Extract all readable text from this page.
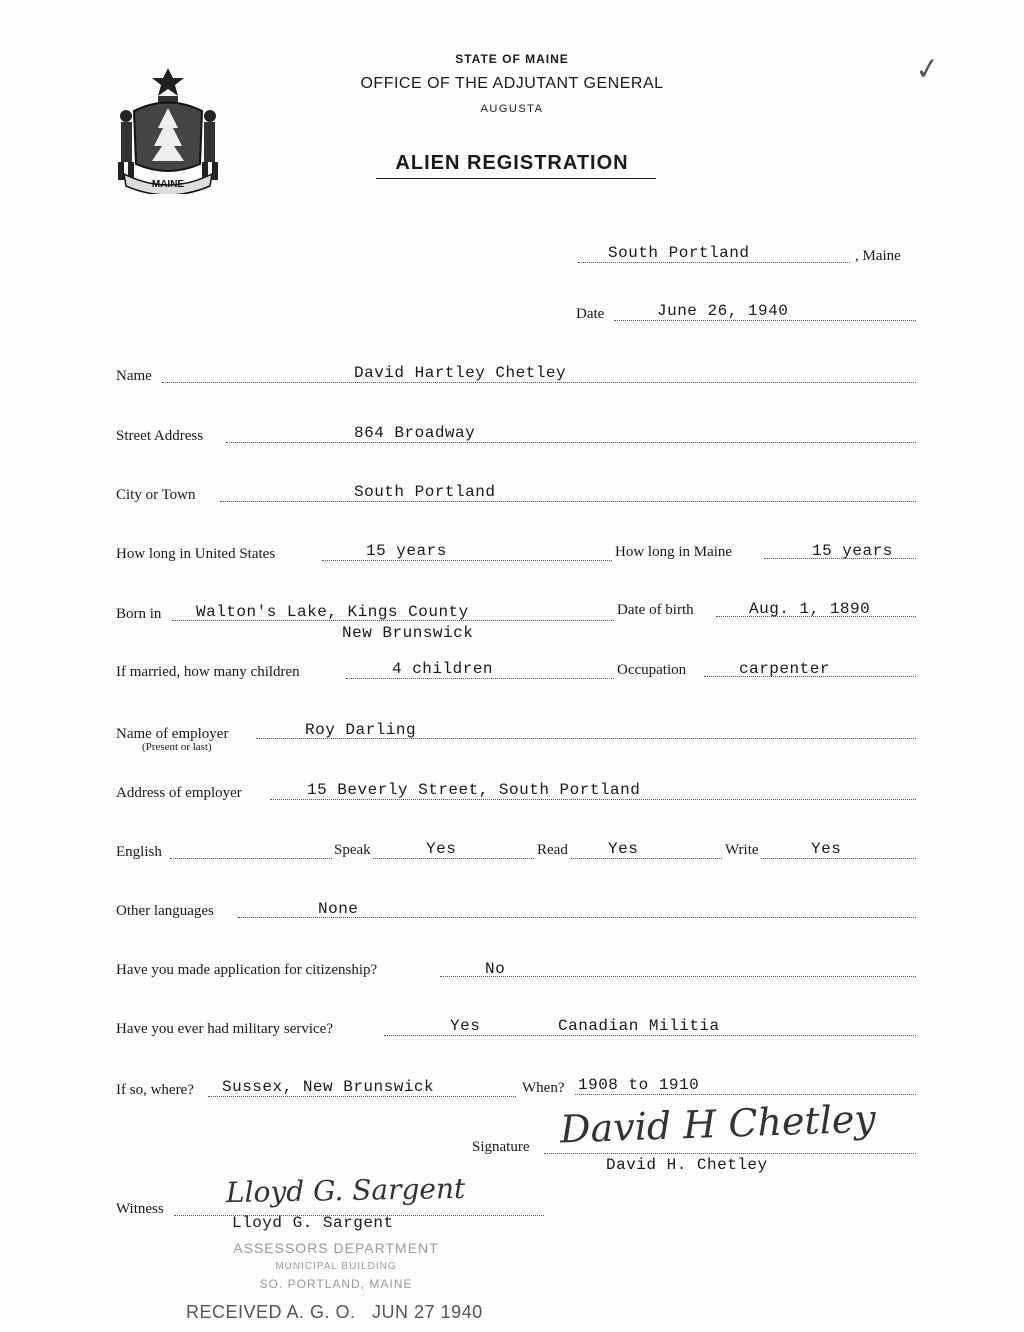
MAINE
✓
STATE OF MAINE
OFFICE OF THE ADJUTANT GENERAL
AUGUSTA
ALIEN REGISTRATION
South Portland	, Maine
Date	June 26, 1940
Name	David Hartley Chetley
Street Address	864 Broadway
City or Town	South Portland
How long in United States	15 years	How long in Maine	15 years
Born in Walton's Lake, Kings County
New Brunswick
Date of birth	Aug. 1, 1890
If married, how many children	4 children	Occupation	carpenter
Name of employer
(Present or last)
Roy Darling
Address of employer	15 Beverly Street, South Portland
English	Speak	Yes	Read	Yes	Write	Yes
Other languages	None
Have you made application for citizenship?	No
Have you ever had military service?	Yes	Canadian Militia
If so, where? Sussex, New Brunswick	When? 1908 to 1910
Signature David H Chetley
David H. Chetley
Witness Lloyd G. Sargent
Lloyd G. Sargent
ASSESSORS DEPARTMENT
MUNICIPAL BUILDING
SO. PORTLAND, MAINE
RECEIVED A. G. O.   JUN 27 1940
